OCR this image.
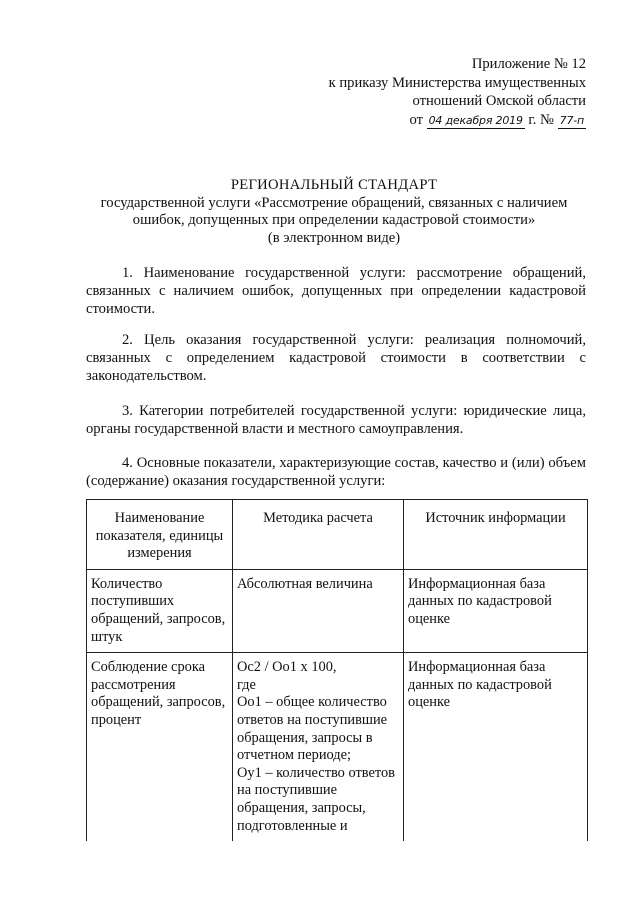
Приложение № 12
к приказу Министерства имущественных
отношений Омской области
от 04 декабря 2019 г. № 77-п
РЕГИОНАЛЬНЫЙ СТАНДАРТ
государственной услуги «Рассмотрение обращений, связанных с наличием
ошибок, допущенных при определении кадастровой стоимости»
(в электронном виде)
1. Наименование государственной услуги: рассмотрение обращений, связанных с наличием ошибок, допущенных при определении кадастровой стоимости.
2. Цель оказания государственной услуги: реализация полномочий, связанных с определением кадастровой стоимости в соответствии с законодательством.
3. Категории потребителей государственной услуги: юридические лица, органы государственной власти и местного самоуправления.
4. Основные показатели, характеризующие состав, качество и (или) объем (содержание) оказания государственной услуги:
Наименование показателя, единицы измерения	Методика расчета	Источник информации
Количество поступивших обращений, запросов, штук	Абсолютная величина	Информационная база данных по кадастровой оценке
Соблюдение срока рассмотрения обращений, запросов, процент	Ос2 / Оо1 х 100,
где
Оо1 – общее количество ответов на поступившие обращения, запросы в отчетном периоде;
Оу1 – количество ответов на поступившие обращения, запросы, подготовленные и	Информационная база данных по кадастровой оценке
